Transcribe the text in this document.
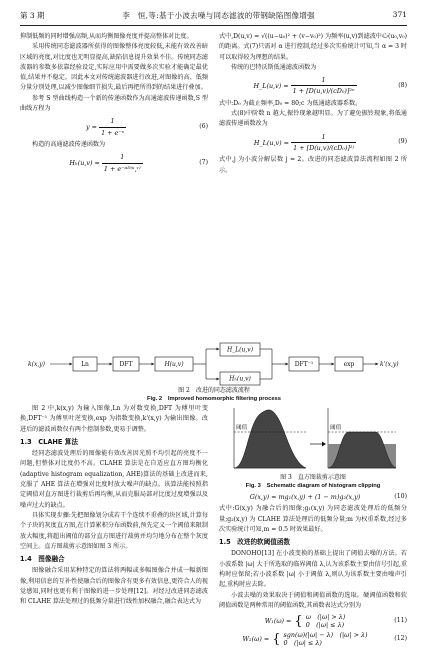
第 3 期	李　恒,等:基于小波去噪与同态滤波的带钢缺陷图像增强	371

抑制低频的同时增强高频,从而均衡图像亮度并提高整体对比度。

采用传统同态滤波器所获得的图像整体亮度较低,未能有效改善暗区域的亮度,对比度也无明显提高,缺陷信息提升效果不佳。传统同态滤波器的参数多依靠经验设定,实际应用中需要做多次实验才能确定最优值,结果并不稳定。因此本文对传统滤波器进行改进,对图像的高、低频分量分别处理,以减少图像细节损失,最后再把所得到的结果进行叠加。

参考 S 型曲线构造一个新的传递函数作为高通滤波传递函数,S 型曲线方程为

$y = \frac{1}{\text{1 + e⁻ˣ}}$	(6)

构造的高通滤波传递函数为

$H_h(u,v) = \frac{1}{\text{1 + e⁻ᵅᴰ⁽ᵘ,ᵛ⁾}}$	(7)

式中,D(u,v) = √((u−u₀)² + (v−v₀)²) 为频率(u,v)到滤波中心(u₀,v₀)的距离。式(7)只需对 α 进行控制,经过多次实验统计可知,当 α = 3 时可以取得较为理想的结果。

传统的巴特沃斯低通滤波函数为

H_L(u,v) = $\frac{1}{\text{1 + [D(u,v)/(cD₀)]²ⁿ}}$	(8)

式中:D₀ 为截止频率,D₀ = 80;c 为低通滤波器系数。

式(8)中阶数 n 越大,振铃现象越明显。为了避免振铃现象,将低通滤波传递函数改为

H_L(u,v) = $\frac{1}{\text{1 + [D(u,v)/(cD₀)]²ʲ}}$	(9)

式中,j 为小波分解层数 j = 2。改进的同态滤波算法流程如图 2 所示。

k(x,y)	Ln	DFT	H(u,v)
H_L(u,v)
Hₕ(u,v)
DFT⁻¹	exp	k'(x,y)
图 2　改进的同态滤波流程
Fig. 2　Improved homomorphic filtering process

图 2 中,k(x,y) 为输入图像,Ln 为对数变换,DFT 为傅里叶变换,DFT⁻¹ 为傅里叶逆变换,exp 为指数变换,k'(x,y) 为输出图像。改进后的滤波函数仅有两个控制参数,更易于调整。

1.3　CLAHE 算法

经同态滤波处理后的图像能有效改善因光照不均引起的亮度不一问题,但整体对比度仍不高。CLAHE 算法是在自适应直方图均衡化(adaptive histogram equalization, AHE)算法的基础上改进而来,克服了 AHE 算法在增强对比度时放大噪声的缺点。该算法能按照指定阈值对直方图进行裁剪后再均衡,从而克服局部对比度过度增强以及噪声过大的缺点。

具体实现步骤:先把图像划分成若干个连续不重叠的块区域,计算每个子块的灰度直方图,在计算累积分布函数前,预先定义一个阈值来限制放大幅度,将超出阈值的部分直方图进行裁剪并均匀地分布在整个灰度空间上。直方图裁剪示意图如图 3 所示。

1.4　图像融合

图像融合采用某种特定的算法将两幅或多幅图像合并成一幅新图像,利用信息的互补性使融合后的图像含有更多有效信息,更符合人的视觉感知,同时也更有利于图像的进一步处理[12]。对经过改进同态滤波和 CLAHE 算法处理过的低频分量进行线性加权融合,融合表达式为

阈值	阈值
图 3　直方图裁剪示意图
Fig. 3　Schematic diagram of histogram clipping
G(x,y) = mg₁(x,y) + (1 − m)g₂(x,y)	(10)

式中:G(x,y) 为融合后的图像;g₁(x,y) 为同态滤波处理后的低频分量;g₂(x,y) 为 CLAHE 算法处理后的低频分量;m 为权重系数,经过多次实验统计可知,m = 0.5 时效果最好。

1.5　改进的软阈值函数

DONOHO[13] 在小波变换的基础上提出了阈值去噪的方法。若小波系数 |ω| 大于所选取的临界阈值 λ,认为该系数主要由信号引起,重构时应保留;若小波系数 |ω| 小于阈值 λ,则认为该系数主要由噪声引起,重构时应去除。

小波去噪的效果取决于阈值和阈值函数的选取。硬阈值函数和软阈值函数是两种常用的阈值函数,其函数表达式分别为

W₁(ω) = { ω　(|ω| > λ)
0　(|ω| ≤ λ)
(11)
W₂(ω) = { sgn(ω)(|ω| − λ)　(|ω| > λ)
0　(|ω| ≤ λ)
(12)
